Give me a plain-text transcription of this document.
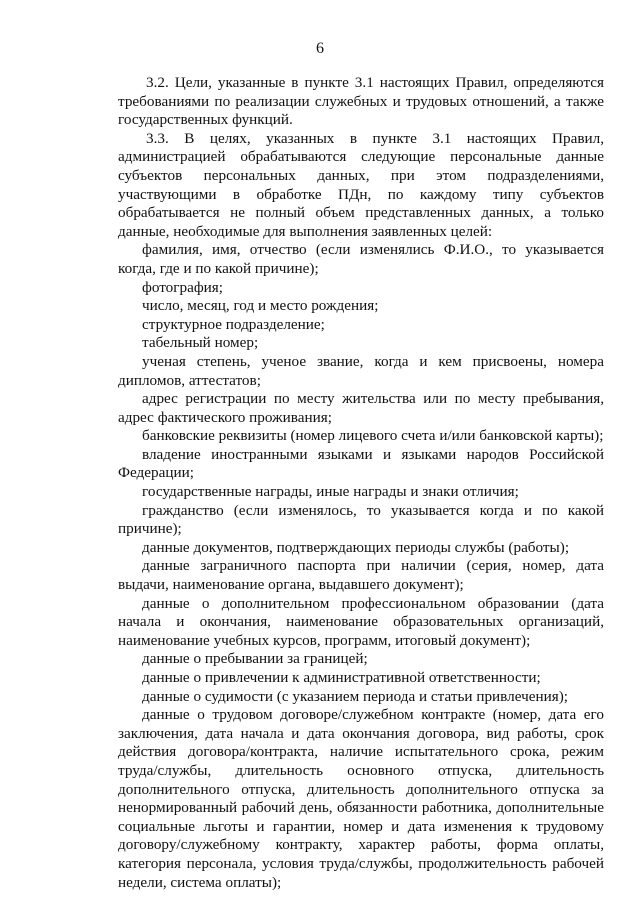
6

3.2. Цели, указанные в пункте 3.1 настоящих Правил, определяются требованиями по реализации служебных и трудовых отношений, а также государственных функций.

3.3. В целях, указанных в пункте 3.1 настоящих Правил, администрацией обрабатываются следующие персональные данные субъектов персональных данных, при этом подразделениями, участвующими в обработке ПДн, по каждому типу субъектов обрабатывается не полный объем представленных данных, а только данные, необходимые для выполнения заявленных целей:

фамилия, имя, отчество (если изменялись Ф.И.О., то указывается когда, где и по какой причине);

фотография;

число, месяц, год и место рождения;

структурное подразделение;

табельный номер;

ученая степень, ученое звание, когда и кем присвоены, номера дипломов, аттестатов;

адрес регистрации по месту жительства или по месту пребывания, адрес фактического проживания;

банковские реквизиты (номер лицевого счета и/или банковской карты);

владение иностранными языками и языками народов Российской Федерации;

государственные награды, иные награды и знаки отличия;

гражданство (если изменялось, то указывается когда и по какой причине);

данные документов, подтверждающих периоды службы (работы);

данные заграничного паспорта при наличии (серия, номер, дата выдачи, наименование органа, выдавшего документ);

данные о дополнительном профессиональном образовании (дата начала и окончания, наименование образовательных организаций, наименование учебных курсов, программ, итоговый документ);

данные о пребывании за границей;

данные о привлечении к административной ответственности;

данные о судимости (с указанием периода и статьи привлечения);

данные о трудовом договоре/служебном контракте (номер, дата его заключения, дата начала и дата окончания договора, вид работы, срок действия договора/контракта, наличие испытательного срока, режим труда/службы, длительность основного отпуска, длительность дополнительного отпуска, длительность дополнительного отпуска за ненормированный рабочий день, обязанности работника, дополнительные социальные льготы и гарантии, номер и дата изменения к трудовому договору/служебному контракту, характер работы, форма оплаты, категория персонала, условия труда/службы, продолжительность рабочей недели, система оплаты);
